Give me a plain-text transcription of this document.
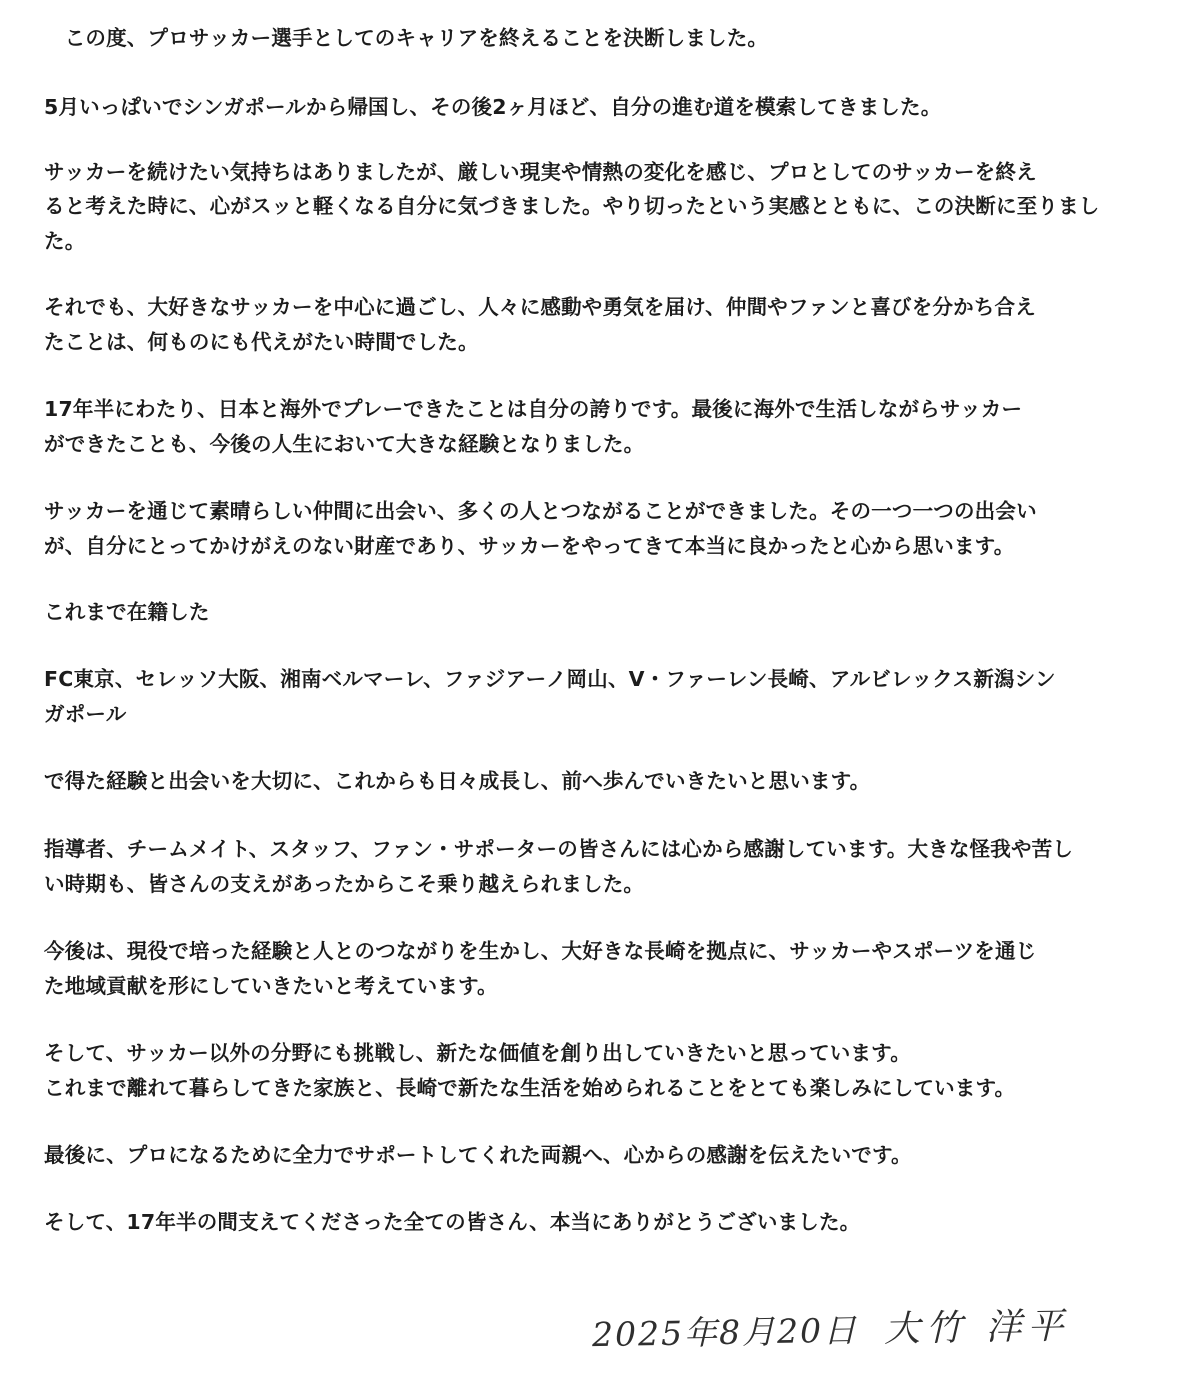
　この度、プロサッカー選手としてのキャリアを終えることを決断しました。
5月いっぱいでシンガポールから帰国し、その後2ヶ月ほど、自分の進む道を模索してきました。
サッカーを続けたい気持ちはありましたが、厳しい現実や情熱の変化を感じ、プロとしてのサッカーを終え
ると考えた時に、心がスッと軽くなる自分に気づきました。やり切ったという実感とともに、この決断に至りまし
た。
それでも、大好きなサッカーを中心に過ごし、人々に感動や勇気を届け、仲間やファンと喜びを分かち合え
たことは、何ものにも代えがたい時間でした。
17年半にわたり、日本と海外でプレーできたことは自分の誇りです。最後に海外で生活しながらサッカー
ができたことも、今後の人生において大きな経験となりました。
サッカーを通じて素晴らしい仲間に出会い、多くの人とつながることができました。その一つ一つの出会い
が、自分にとってかけがえのない財産であり、サッカーをやってきて本当に良かったと心から思います。
これまで在籍した
FC東京、セレッソ大阪、湘南ベルマーレ、ファジアーノ岡山、V・ファーレン長崎、アルビレックス新潟シン
ガポール
で得た経験と出会いを大切に、これからも日々成長し、前へ歩んでいきたいと思います。
指導者、チームメイト、スタッフ、ファン・サポーターの皆さんには心から感謝しています。大きな怪我や苦し
い時期も、皆さんの支えがあったからこそ乗り越えられました。
今後は、現役で培った経験と人とのつながりを生かし、大好きな長崎を拠点に、サッカーやスポーツを通じ
た地域貢献を形にしていきたいと考えています。
そして、サッカー以外の分野にも挑戦し、新たな価値を創り出していきたいと思っています。
これまで離れて暮らしてきた家族と、長崎で新たな生活を始められることをとても楽しみにしています。
最後に、プロになるために全力でサポートしてくれた両親へ、心からの感謝を伝えたいです。
そして、17年半の間支えてくださった全ての皆さん、本当にありがとうございました。
2025年8月20日 大竹 洋平
